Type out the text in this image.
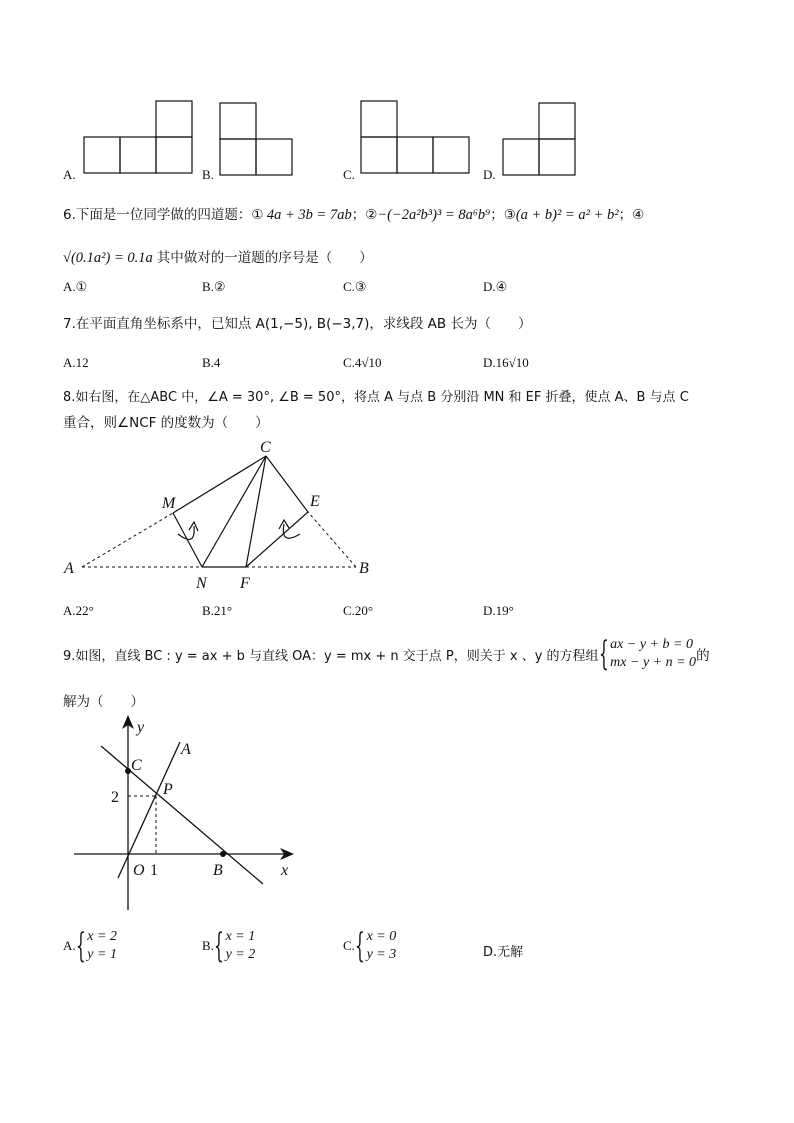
A.	B.	C.	D.
6.下面是一位同学做的四道题：① 4a + 3b = 7ab；②−(−2a²b³)³ = 8a⁶b⁹；③(a + b)² = a² + b²；④
√(0.1a²) = 0.1a 其中做对的一道题的序号是（　　）
A.①	B.②	C.③	D.④
7.在平面直角坐标系中，已知点 A(1,−5), B(−3,7)，求线段 AB 长为（　　）
A.12	B.4	C.4√10	D.16√10
8.如右图，在△ABC 中，∠A = 30°, ∠B = 50°，将点 A 与点 B 分别沿 MN 和 EF 折叠，使点 A、B 与点 C
重合，则∠NCF 的度数为（　　）
C
M	E
A
N F
B
A.22°	B.21°	C.20°	D.19°
9.如图，直线 BC : y = ax + b 与直线 OA：y = mx + n 交于点 P，则关于 x 、y 的方程组 { ax − y + b = 0
mx − y + n = 0 的
解为（　　）
y
A
C
2	P
O 1	B	x
A. { x = 2
y = 1
B. { x = 1
y = 2
C. { x = 0
y = 3	D.无解
